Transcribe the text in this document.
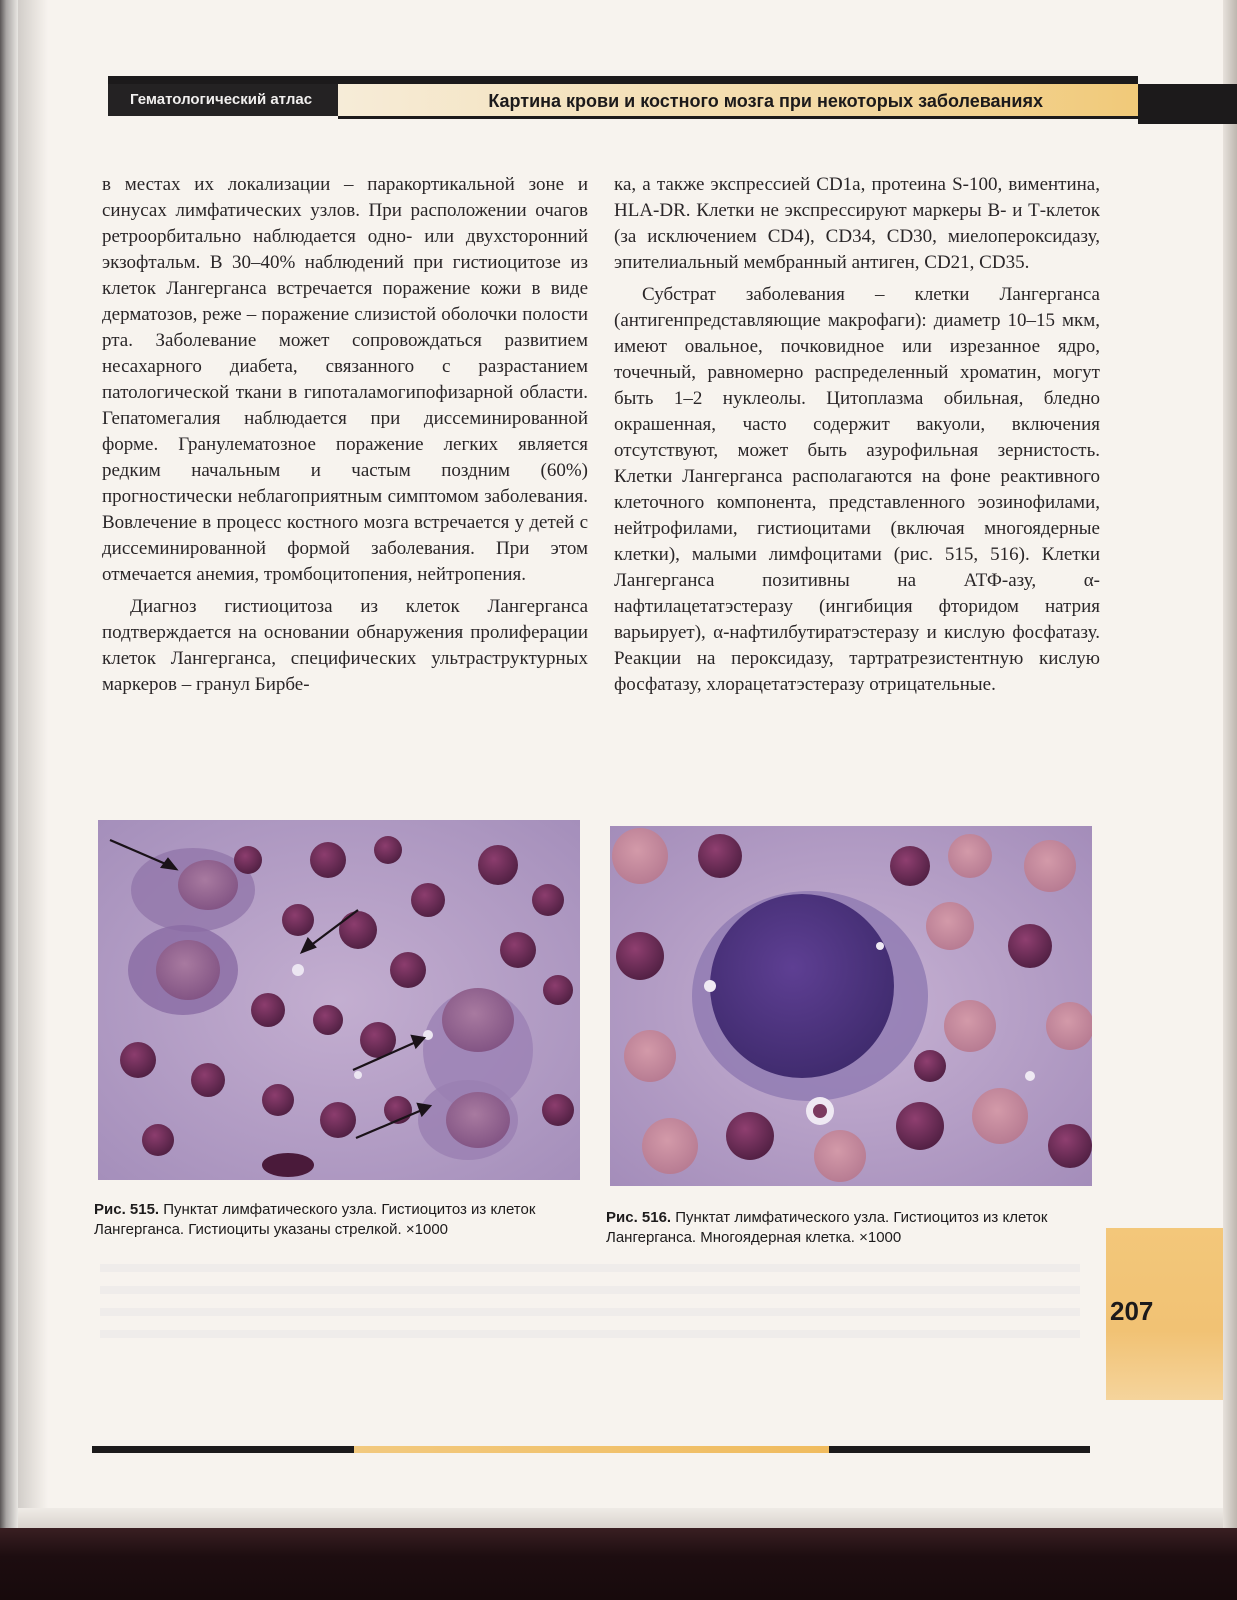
Гематологический атлас	Картина крови и костного мозга при некоторых заболеваниях

в местах их локализации – паракортикальной зоне и синусах лимфатических узлов. При расположении очагов ретроорбитально наблюдается одно- или двухсторонний экзофтальм. В 30–40% наблюдений при гистиоцитозе из клеток Лангерганса встречается поражение кожи в виде дерматозов, реже – поражение слизистой оболочки полости рта. Заболевание может сопровождаться развитием несахарного диабета, связанного с разрастанием патологической ткани в гипоталамогипофизарной области. Гепатомегалия наблюдается при диссеминированной форме. Гранулематозное поражение легких является редким начальным и частым поздним (60%) прогностически неблагоприятным симптомом заболевания. Вовлечение в процесс костного мозга встречается у детей с диссеминированной формой заболевания. При этом отмечается анемия, тромбоцитопения, нейтропения.

Диагноз гистиоцитоза из клеток Лангерганса подтверждается на основании обнаружения пролиферации клеток Лангерганса, специфических ультраструктурных маркеров – гранул Бирбе-

ка, а также экспрессией CD1a, протеина S-100, виментина, HLA-DR. Клетки не экспрессируют маркеры В- и Т-клеток (за исключением CD4), CD34, CD30, миелопероксидазу, эпителиальный мембранный антиген, CD21, CD35.

Субстрат заболевания – клетки Лангерганса (антигенпредставляющие макрофаги): диаметр 10–15 мкм, имеют овальное, почковидное или изрезанное ядро, точечный, равномерно распределенный хроматин, могут быть 1–2 нуклеолы. Цитоплазма обильная, бледно окрашенная, часто содержит вакуоли, включения отсутствуют, может быть азурофильная зернистость. Клетки Лангерганса располагаются на фоне реактивного клеточного компонента, представленного эозинофилами, нейтрофилами, гистиоцитами (включая многоядерные клетки), малыми лимфоцитами (рис. 515, 516). Клетки Лангерганса позитивны на АТФ-азу, α-нафтилацетатэстеразу (ингибиция фторидом натрия варьирует), α-нафтилбутиратэстеразу и кислую фосфатазу. Реакции на пероксидазу, тартратрезистентную кислую фосфатазу, хлорацетатэстеразу отрицательные.

Рис. 515. Пунктат лимфатического узла. Гистиоцитоз из клеток Лангерганса. Гистиоциты указаны стрелкой. ×1000
Рис. 516. Пунктат лимфатического узла. Гистиоцитоз из клеток Лангерганса. Многоядерная клетка. ×1000
207
